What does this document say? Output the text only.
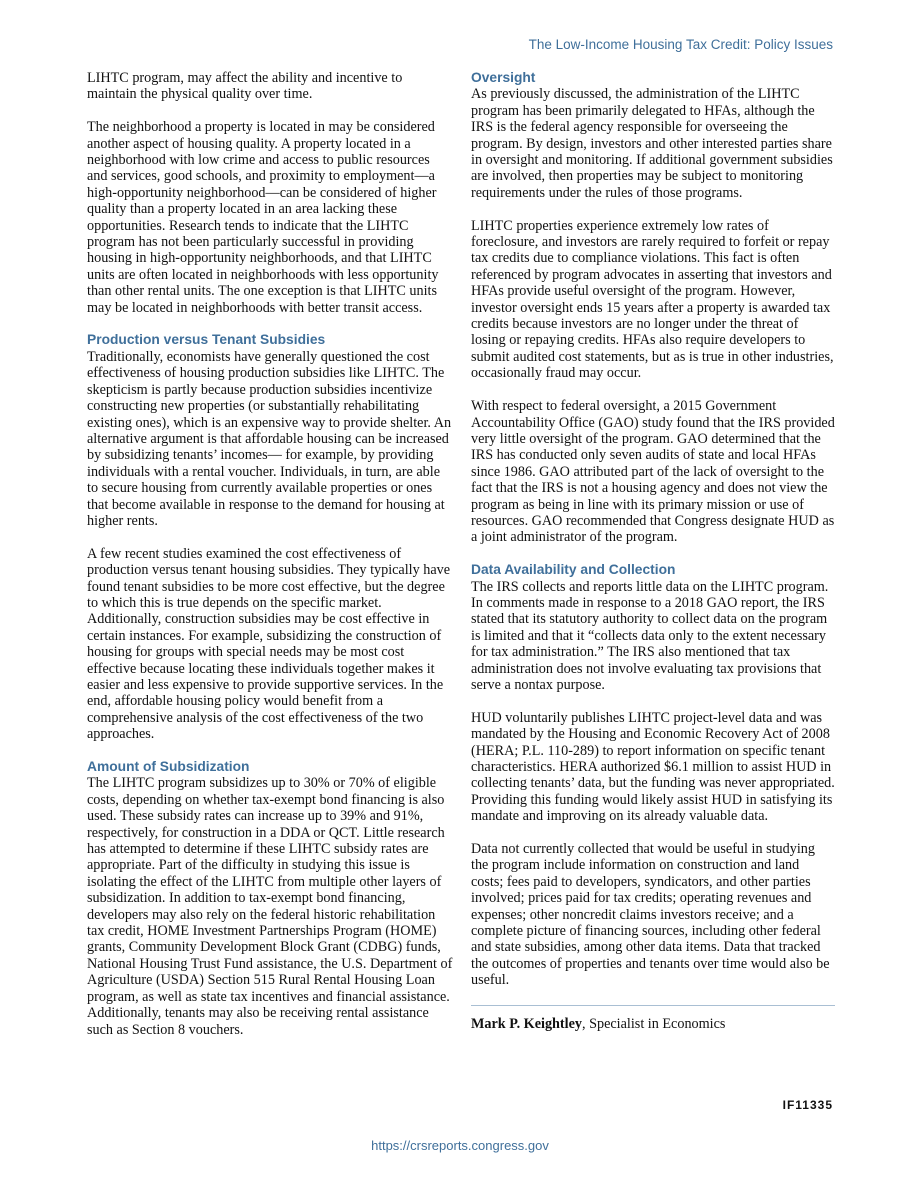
The Low-Income Housing Tax Credit: Policy Issues

LIHTC program, may affect the ability and incentive to maintain the physical quality over time.

The neighborhood a property is located in may be considered another aspect of housing quality. A property located in a neighborhood with low crime and access to public resources and services, good schools, and proximity to employment—a high-opportunity neighborhood—can be considered of higher quality than a property located in an area lacking these opportunities. Research tends to indicate that the LIHTC program has not been particularly successful in providing housing in high-opportunity neighborhoods, and that LIHTC units are often located in neighborhoods with less opportunity than other rental units. The one exception is that LIHTC units may be located in neighborhoods with better transit access.

Production versus Tenant Subsidies

Traditionally, economists have generally questioned the cost effectiveness of housing production subsidies like LIHTC. The skepticism is partly because production subsidies incentivize constructing new properties (or substantially rehabilitating existing ones), which is an expensive way to provide shelter. An alternative argument is that affordable housing can be increased by subsidizing tenants’ incomes— for example, by providing individuals with a rental voucher. Individuals, in turn, are able to secure housing from currently available properties or ones that become available in response to the demand for housing at higher rents.

A few recent studies examined the cost effectiveness of production versus tenant housing subsidies. They typically have found tenant subsidies to be more cost effective, but the degree to which this is true depends on the specific market. Additionally, construction subsidies may be cost effective in certain instances. For example, subsidizing the construction of housing for groups with special needs may be most cost effective because locating these individuals together makes it easier and less expensive to provide supportive services. In the end, affordable housing policy would benefit from a comprehensive analysis of the cost effectiveness of the two approaches.

Amount of Subsidization

The LIHTC program subsidizes up to 30% or 70% of eligible costs, depending on whether tax-exempt bond financing is also used. These subsidy rates can increase up to 39% and 91%, respectively, for construction in a DDA or QCT. Little research has attempted to determine if these LIHTC subsidy rates are appropriate. Part of the difficulty in studying this issue is isolating the effect of the LIHTC from multiple other layers of subsidization. In addition to tax-exempt bond financing, developers may also rely on the federal historic rehabilitation tax credit, HOME Investment Partnerships Program (HOME) grants, Community Development Block Grant (CDBG) funds, National Housing Trust Fund assistance, the U.S. Department of Agriculture (USDA) Section 515 Rural Rental Housing Loan program, as well as state tax incentives and financial assistance. Additionally, tenants may also be receiving rental assistance such as Section 8 vouchers.

Oversight

As previously discussed, the administration of the LIHTC program has been primarily delegated to HFAs, although the IRS is the federal agency responsible for overseeing the program. By design, investors and other interested parties share in oversight and monitoring. If additional government subsidies are involved, then properties may be subject to monitoring requirements under the rules of those programs.

LIHTC properties experience extremely low rates of foreclosure, and investors are rarely required to forfeit or repay tax credits due to compliance violations. This fact is often referenced by program advocates in asserting that investors and HFAs provide useful oversight of the program. However, investor oversight ends 15 years after a property is awarded tax credits because investors are no longer under the threat of losing or repaying credits. HFAs also require developers to submit audited cost statements, but as is true in other industries, occasionally fraud may occur.

With respect to federal oversight, a 2015 Government Accountability Office (GAO) study found that the IRS provided very little oversight of the program. GAO determined that the IRS has conducted only seven audits of state and local HFAs since 1986. GAO attributed part of the lack of oversight to the fact that the IRS is not a housing agency and does not view the program as being in line with its primary mission or use of resources. GAO recommended that Congress designate HUD as a joint administrator of the program.

Data Availability and Collection

The IRS collects and reports little data on the LIHTC program. In comments made in response to a 2018 GAO report, the IRS stated that its statutory authority to collect data on the program is limited and that it “collects data only to the extent necessary for tax administration.” The IRS also mentioned that tax administration does not involve evaluating tax provisions that serve a nontax purpose.

HUD voluntarily publishes LIHTC project-level data and was mandated by the Housing and Economic Recovery Act of 2008 (HERA; P.L. 110-289) to report information on specific tenant characteristics. HERA authorized $6.1 million to assist HUD in collecting tenants’ data, but the funding was never appropriated. Providing this funding would likely assist HUD in satisfying its mandate and improving on its already valuable data.

Data not currently collected that would be useful in studying the program include information on construction and land costs; fees paid to developers, syndicators, and other parties involved; prices paid for tax credits; operating revenues and expenses; other noncredit claims investors receive; and a complete picture of financing sources, including other federal and state subsidies, among other data items. Data that tracked the outcomes of properties and tenants over time would also be useful.

Mark P. Keightley, Specialist in Economics

IF11335
https://crsreports.congress.gov
